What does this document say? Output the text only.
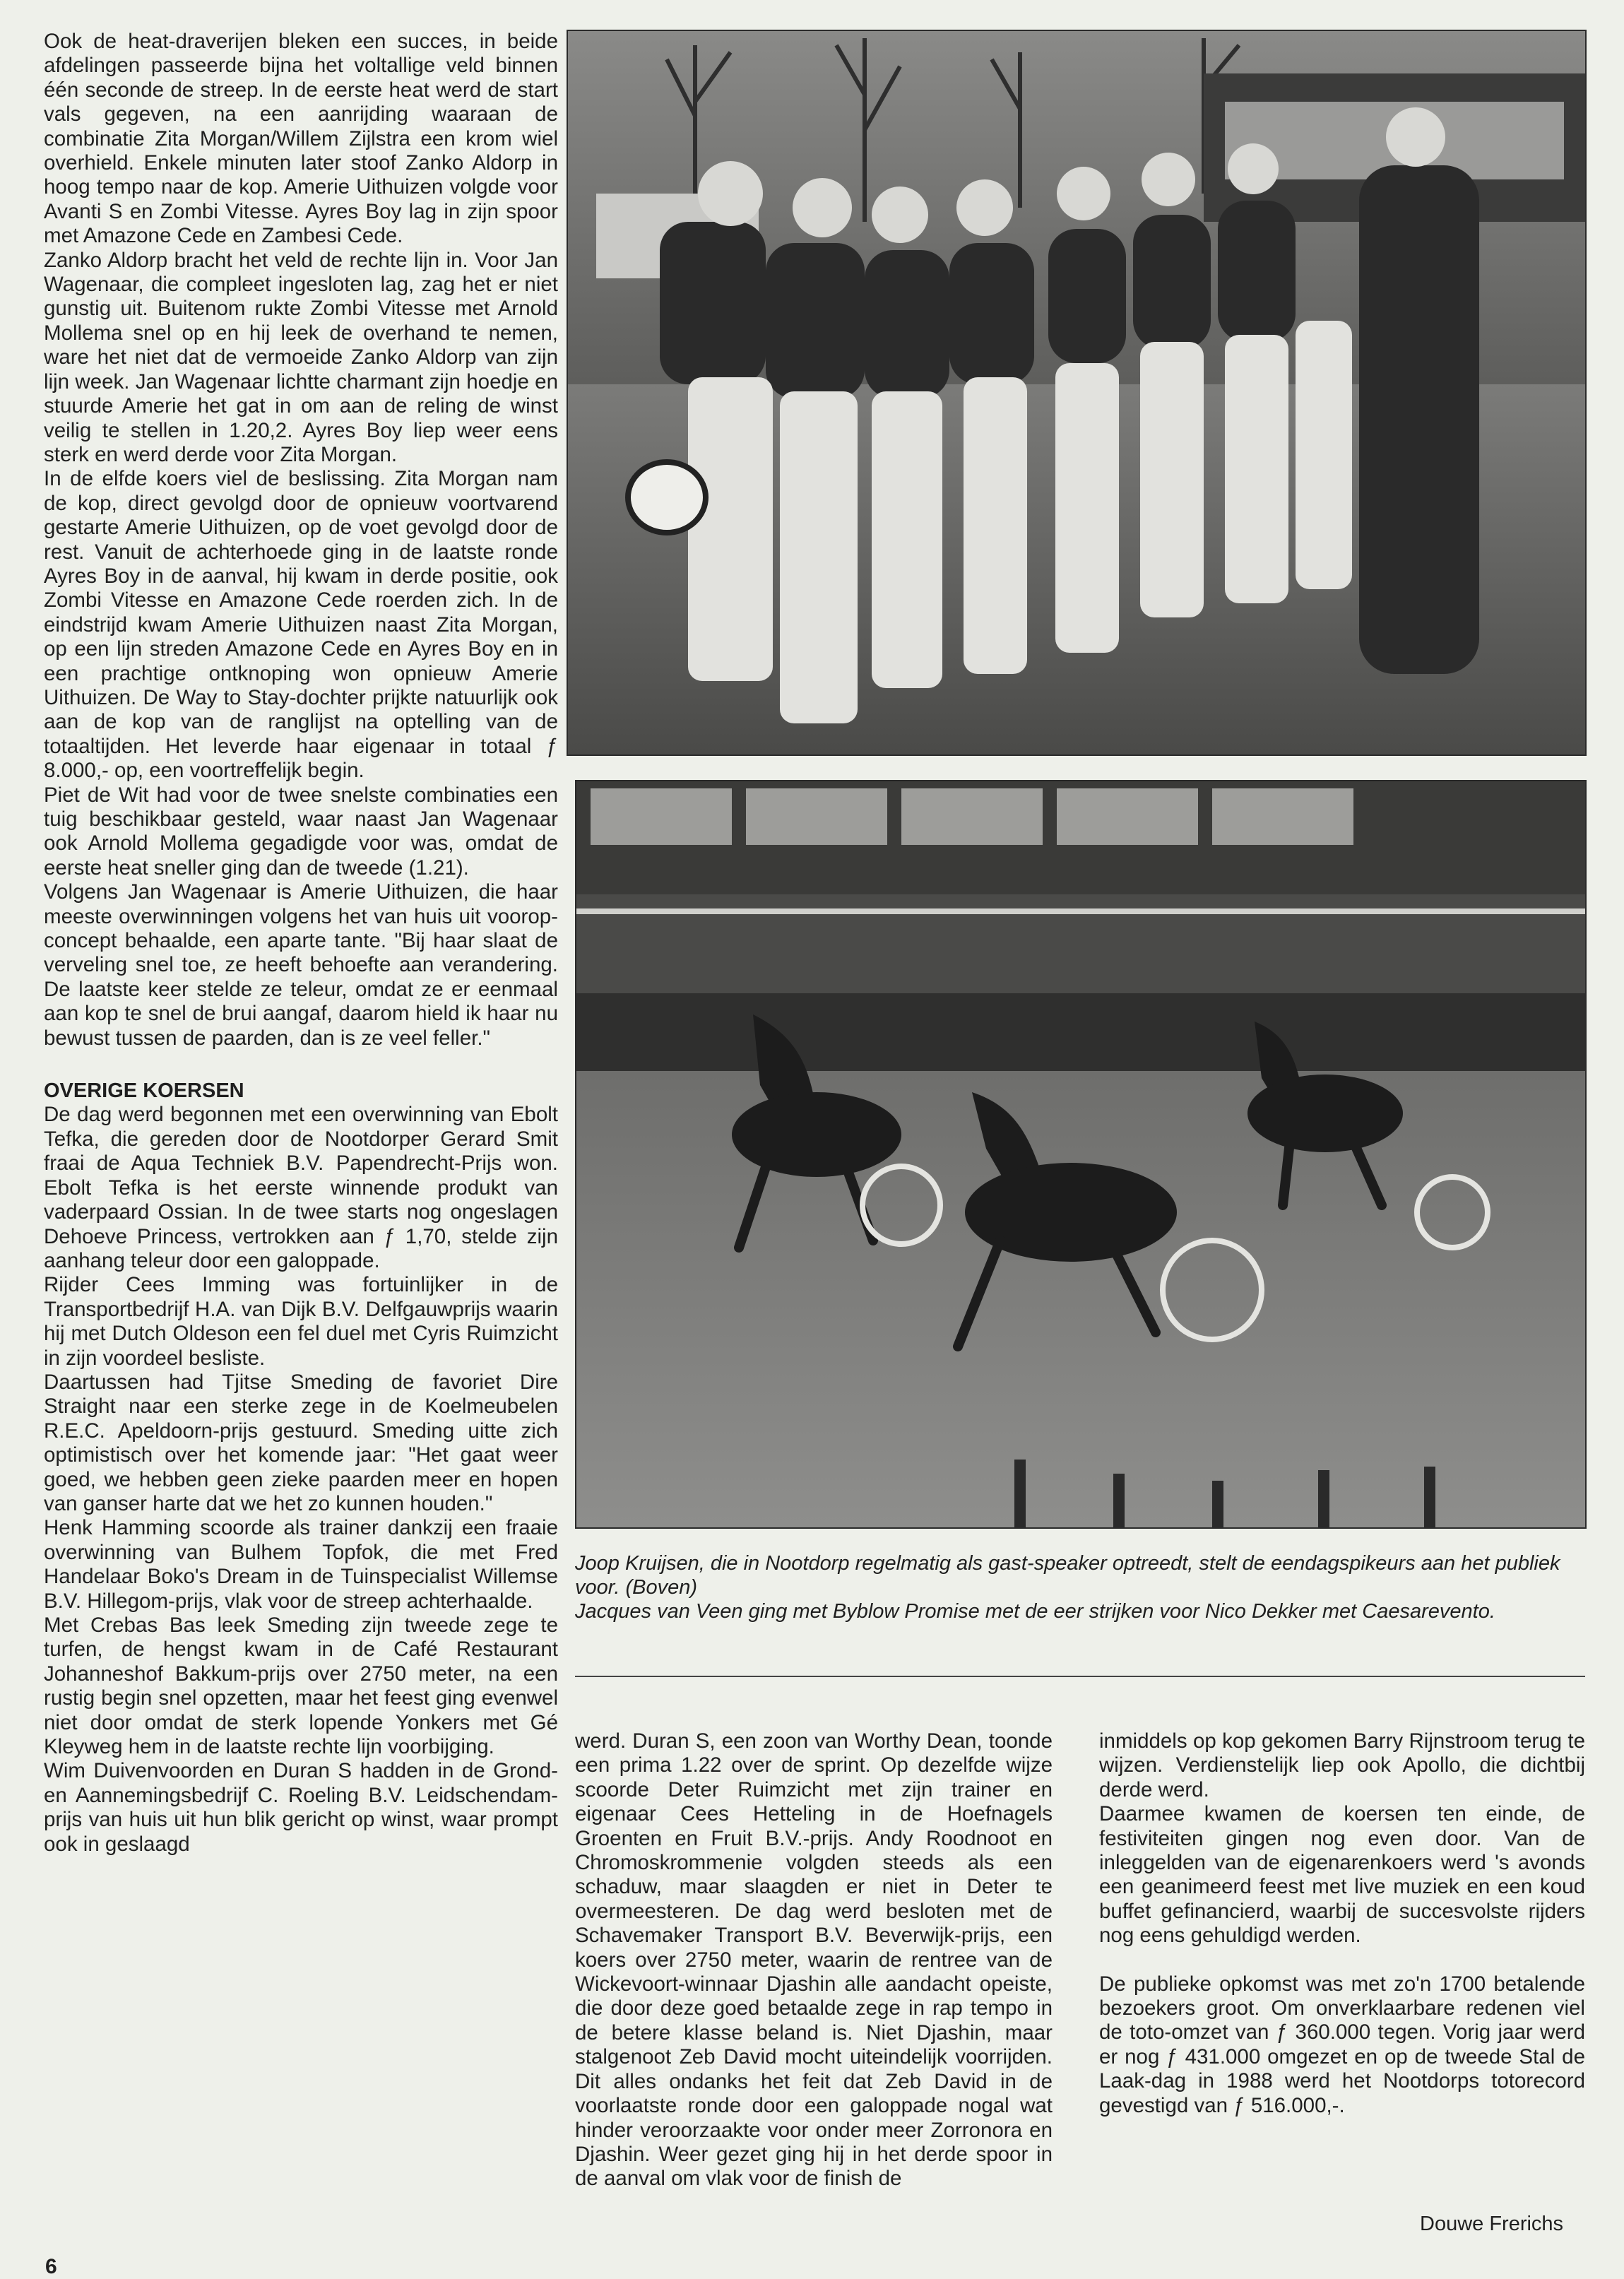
Ook de heat-draverijen bleken een succes, in beide afdelingen passeerde bijna het voltallige veld binnen één seconde de streep. In de eerste heat werd de start vals gegeven, na een aanrijding waaraan de combinatie Zita Morgan/Willem Zijlstra een krom wiel overhield. Enkele minuten later stoof Zanko Aldorp in hoog tempo naar de kop. Amerie Uithuizen volgde voor Avanti S en Zombi Vitesse. Ayres Boy lag in zijn spoor met Amazone Cede en Zambesi Cede.

Zanko Aldorp bracht het veld de rechte lijn in. Voor Jan Wagenaar, die compleet ingesloten lag, zag het er niet gunstig uit. Buitenom rukte Zombi Vitesse met Arnold Mollema snel op en hij leek de overhand te nemen, ware het niet dat de vermoeide Zanko Aldorp van zijn lijn week. Jan Wagenaar lichtte charmant zijn hoedje en stuurde Amerie het gat in om aan de reling de winst veilig te stellen in 1.20,2. Ayres Boy liep weer eens sterk en werd derde voor Zita Morgan.

In de elfde koers viel de beslissing. Zita Morgan nam de kop, direct gevolgd door de opnieuw voortvarend gestarte Amerie Uithuizen, op de voet gevolgd door de rest. Vanuit de achterhoede ging in de laatste ronde Ayres Boy in de aanval, hij kwam in derde positie, ook Zombi Vitesse en Amazone Cede roerden zich. In de eindstrijd kwam Amerie Uithuizen naast Zita Morgan, op een lijn streden Amazone Cede en Ayres Boy en in een prachtige ontknoping won opnieuw Amerie Uithuizen. De Way to Stay-dochter prijkte natuurlijk ook aan de kop van de ranglijst na optelling van de totaaltijden. Het leverde haar eigenaar in totaal ƒ 8.000,- op, een voortreffelijk begin.

Piet de Wit had voor de twee snelste combinaties een tuig beschikbaar gesteld, waar naast Jan Wagenaar ook Arnold Mollema gegadigde voor was, omdat de eerste heat sneller ging dan de tweede (1.21).

Volgens Jan Wagenaar is Amerie Uithuizen, die haar meeste overwinningen volgens het van huis uit voorop-concept behaalde, een aparte tante. "Bij haar slaat de verveling snel toe, ze heeft behoefte aan verandering. De laatste keer stelde ze teleur, omdat ze er eenmaal aan kop te snel de brui aangaf, daarom hield ik haar nu bewust tussen de paarden, dan is ze veel feller."

OVERIGE KOERSEN

De dag werd begonnen met een overwinning van Ebolt Tefka, die gereden door de Nootdorper Gerard Smit fraai de Aqua Techniek B.V. Papendrecht-Prijs won. Ebolt Tefka is het eerste winnende produkt van vaderpaard Ossian. In de twee starts nog ongeslagen Dehoeve Princess, vertrokken aan ƒ 1,70, stelde zijn aanhang teleur door een galoppade.

Rijder Cees Imming was fortuinlijker in de Transportbedrijf H.A. van Dijk B.V. Delfgauwprijs waarin hij met Dutch Oldeson een fel duel met Cyris Ruimzicht in zijn voordeel besliste.

Daartussen had Tjitse Smeding de favoriet Dire Straight naar een sterke zege in de Koelmeubelen R.E.C. Apeldoorn-prijs gestuurd. Smeding uitte zich optimistisch over het komende jaar: "Het gaat weer goed, we hebben geen zieke paarden meer en hopen van ganser harte dat we het zo kunnen houden."

Henk Hamming scoorde als trainer dankzij een fraaie overwinning van Bulhem Topfok, die met Fred Handelaar Boko's Dream in de Tuinspecialist Willemse B.V. Hillegom-prijs, vlak voor de streep achterhaalde.

Met Crebas Bas leek Smeding zijn tweede zege te turfen, de hengst kwam in de Café Restaurant Johanneshof Bakkum-prijs over 2750 meter, na een rustig begin snel opzetten, maar het feest ging evenwel niet door omdat de sterk lopende Yonkers met Gé Kleyweg hem in de laatste rechte lijn voorbijging.

Wim Duivenvoorden en Duran S hadden in de Grond- en Aannemingsbedrijf C. Roeling B.V. Leidschendam-prijs van huis uit hun blik gericht op winst, waar prompt ook in geslaagd

Joop Kruijsen, die in Nootdorp regelmatig als gast-speaker optreedt, stelt de eendagspikeurs aan het publiek voor. (Boven)

Jacques van Veen ging met Byblow Promise met de eer strijken voor Nico Dekker met Caesarevento.

werd. Duran S, een zoon van Worthy Dean, toonde een prima 1.22 over de sprint. Op dezelfde wijze scoorde Deter Ruimzicht met zijn trainer en eigenaar Cees Hetteling in de Hoefnagels Groenten en Fruit B.V.-prijs. Andy Roodnoot en Chromoskrommenie volgden steeds als een schaduw, maar slaagden er niet in Deter te overmeesteren. De dag werd besloten met de Schavemaker Transport B.V. Beverwijk-prijs, een koers over 2750 meter, waarin de rentree van de Wickevoort-winnaar Djashin alle aandacht opeiste, die door deze goed betaalde zege in rap tempo in de betere klasse beland is. Niet Djashin, maar stalgenoot Zeb David mocht uiteindelijk voorrijden. Dit alles ondanks het feit dat Zeb David in de voorlaatste ronde door een galoppade nogal wat hinder veroorzaakte voor onder meer Zorronora en Djashin. Weer gezet ging hij in het derde spoor in de aanval om vlak voor de finish de

inmiddels op kop gekomen Barry Rijnstroom terug te wijzen. Verdienstelijk liep ook Apollo, die dichtbij derde werd.

Daarmee kwamen de koersen ten einde, de festiviteiten gingen nog even door. Van de inleggelden van de eigenarenkoers werd 's avonds een geanimeerd feest met live muziek en een koud buffet gefinancierd, waarbij de succesvolste rijders nog eens gehuldigd werden.

De publieke opkomst was met zo'n 1700 betalende bezoekers groot. Om onverklaarbare redenen viel de toto-omzet van ƒ 360.000 tegen. Vorig jaar werd er nog ƒ 431.000 omgezet en op de tweede Stal de Laak-dag in 1988 werd het Nootdorps totorecord gevestigd van ƒ 516.000,-.

Douwe Frerichs
6
